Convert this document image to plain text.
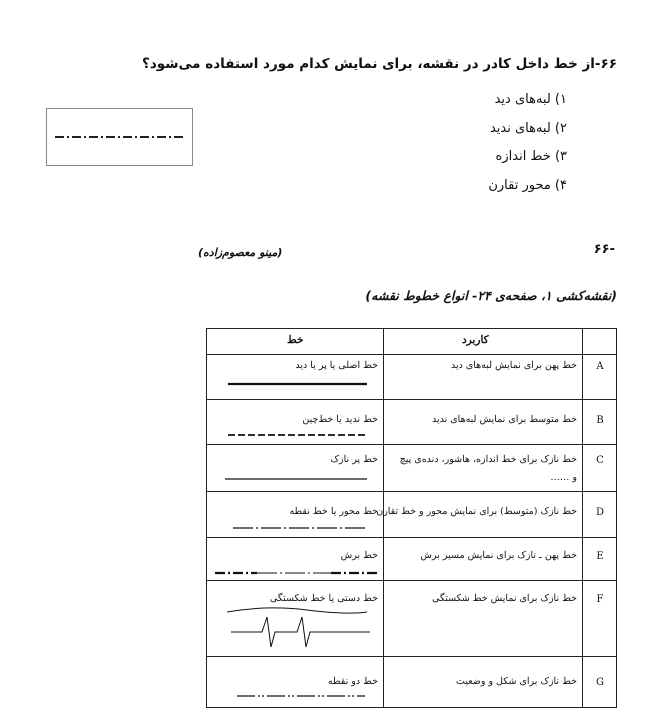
۶۶-از خط داخل کادر در نقشه، برای نمایش کدام مورد استفاده می‌شود؟
۱) لبه‌های دید
۲) لبه‌های ندید
۳) خط اندازه
۴) محور تقارن
-۶۶
(مینو معصوم‌زاده)
(نقشه‌کشی ۱، صفحه‌ی ۲۴- انواع خطوط نقشه)
خط	کاربرد
A
خط پهن برای نمایش لبه‌های دید
خط اصلی یا پر یا دید
B
خط متوسط برای نمایش لبه‌های ندید
خط ندید یا خط‌چین
C
خط نازک برای خط اندازه، هاشور، دنده‌ی پیچ
و ……
خط پر نازک
D
خط نازک (متوسط) برای نمایش محور و خط تقارن
خط محور یا خط نقطه
E
خط پهن ـ نازک برای نمایش مسیر برش
خط برش
F
خط نازک برای نمایش خط شکستگی
خط دستی یا خط شکستگی
G
خط نازک برای شکل و وضعیت
خط دو نقطه
